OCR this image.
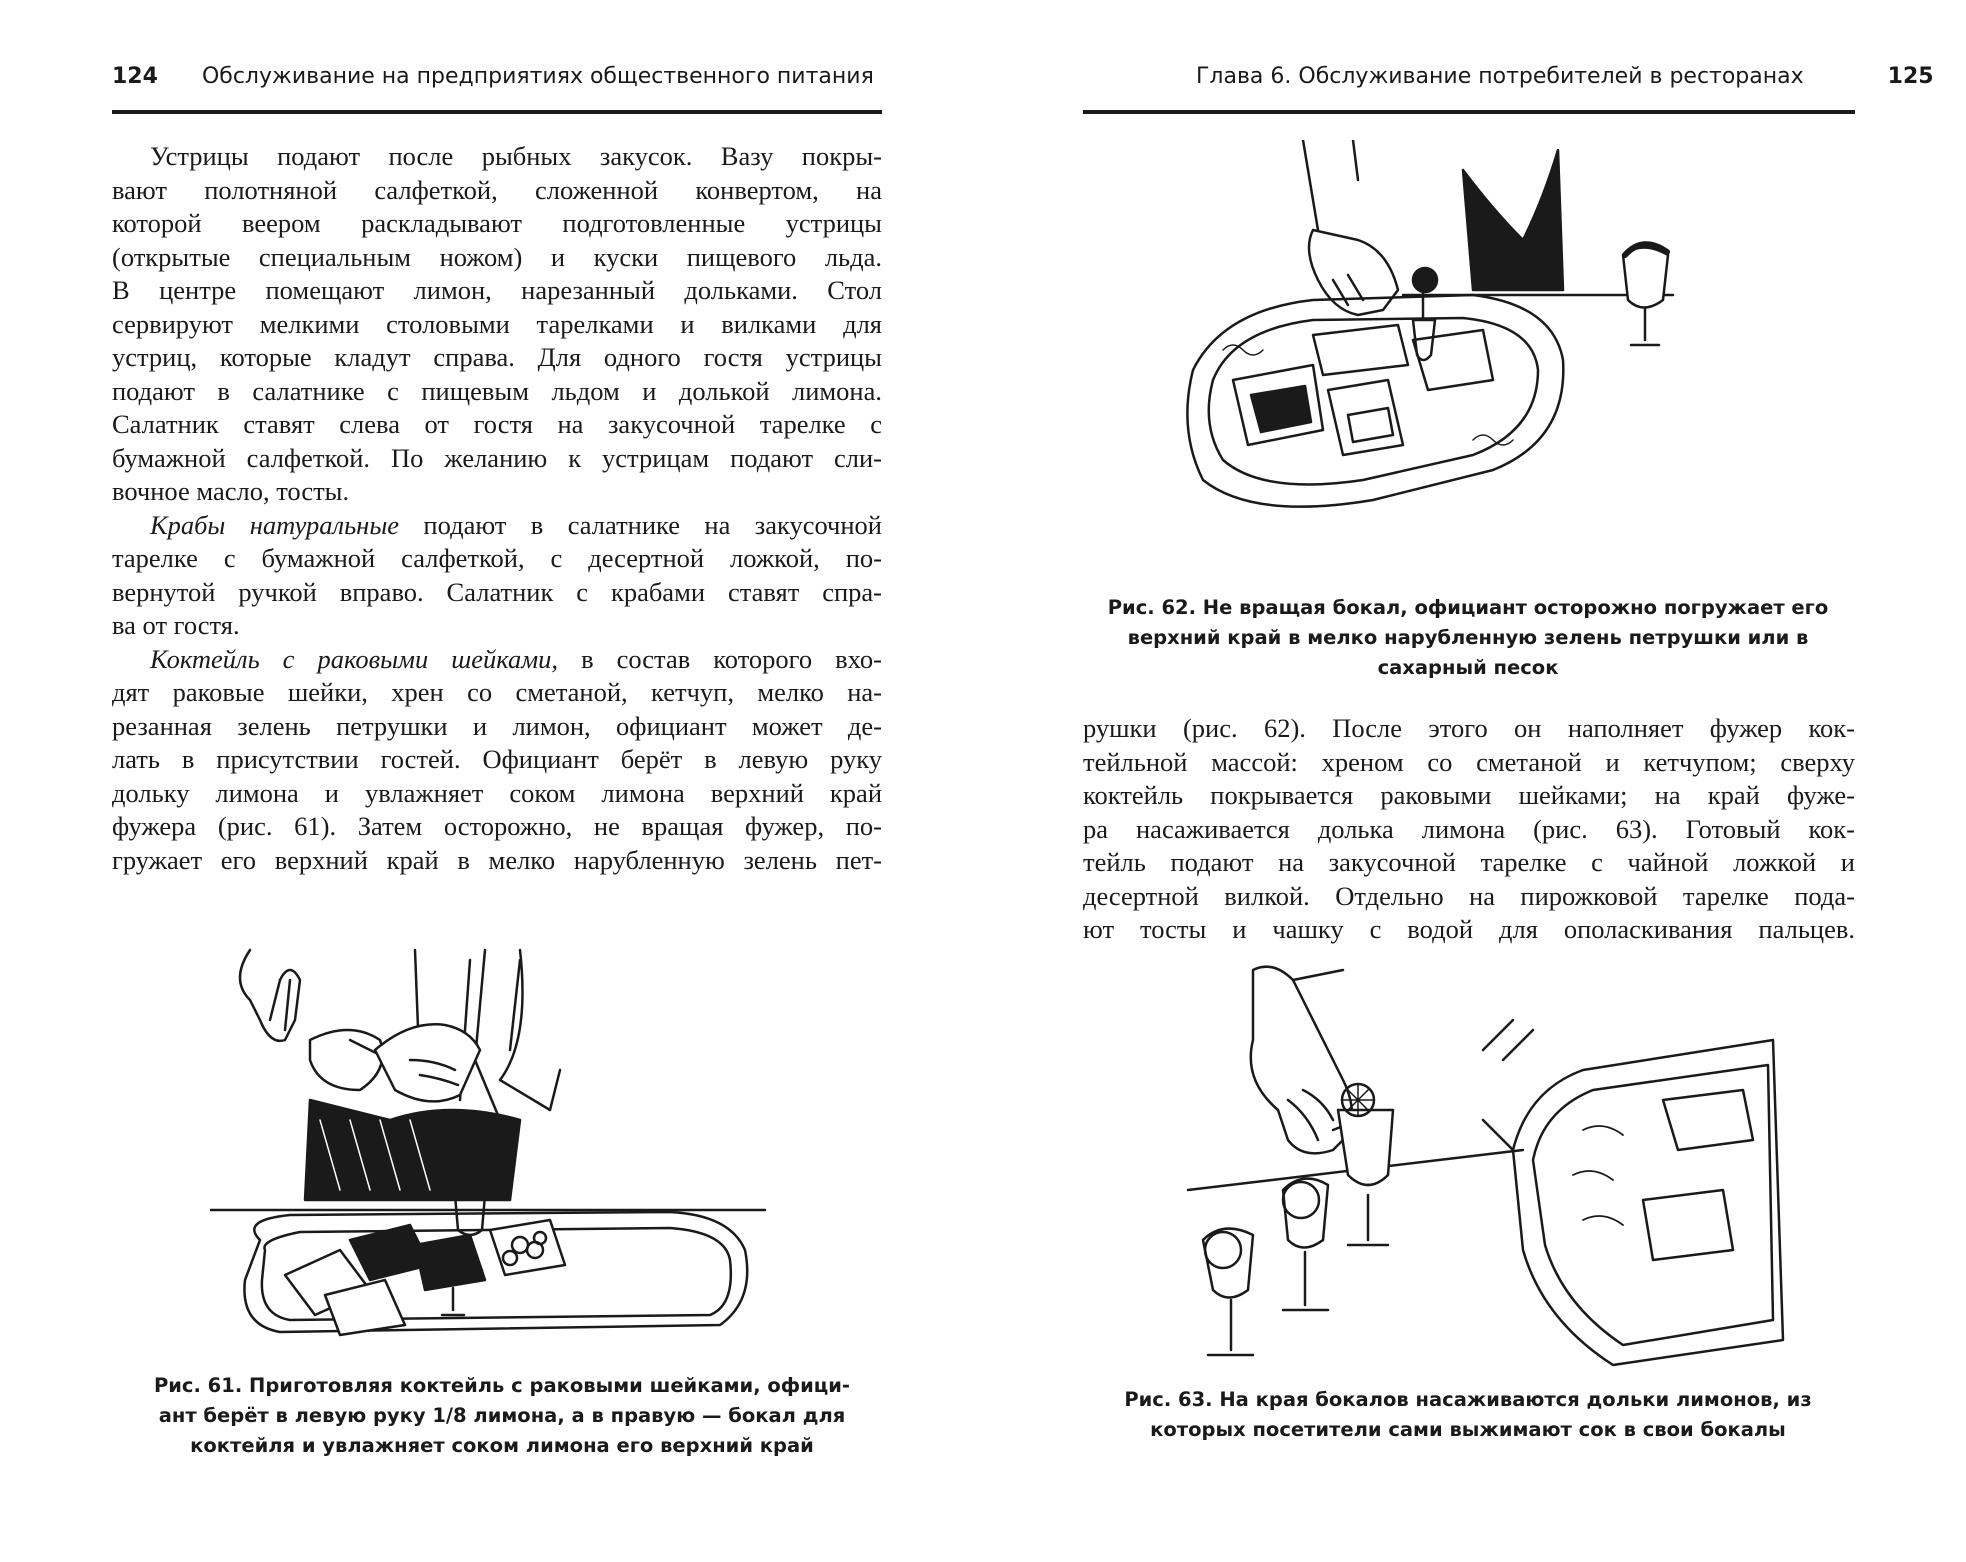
124 Обслуживание на предприятиях общественного питания
Устрицы подают после рыбных закусок. Вазу покры-
вают полотняной салфеткой, сложенной конвертом, на
которой веером раскладывают подготовленные устрицы
(открытые специальным ножом) и куски пищевого льда.
В центре помещают лимон, нарезанный дольками. Стол
сервируют мелкими столовыми тарелками и вилками для
устриц, которые кладут справа. Для одного гостя устрицы
подают в салатнике с пищевым льдом и долькой лимона.
Салатник ставят слева от гостя на закусочной тарелке с
бумажной салфеткой. По желанию к устрицам подают сли-
вочное масло, тосты.
Крабы натуральные подают в салатнике на закусочной
тарелке с бумажной салфеткой, с десертной ложкой, по-
вернутой ручкой вправо. Салатник с крабами ставят спра-
ва от гостя.
Коктейль с раковыми шейками, в состав которого вхо-
дят раковые шейки, хрен со сметаной, кетчуп, мелко на-
резанная зелень петрушки и лимон, официант может де-
лать в присутствии гостей. Официант берёт в левую руку
дольку лимона и увлажняет соком лимона верхний край
фужера (рис. 61). Затем осторожно, не вращая фужер, по-
гружает его верхний край в мелко нарубленную зелень пет-
Рис. 61. Приготовляя коктейль с раковыми шейками, офици-
ант берёт в левую руку 1/8 лимона, а в правую — бокал для
коктейля и увлажняет соком лимона его верхний край
Глава 6. Обслуживание потребителей в ресторанах	125
Рис. 62. Не вращая бокал, официант осторожно погружает его
верхний край в мелко нарубленную зелень петрушки или в
сахарный песок
рушки (рис. 62). После этого он наполняет фужер кок-
тейльной массой: хреном со сметаной и кетчупом; сверху
коктейль покрывается раковыми шейками; на край фуже-
ра насаживается долька лимона (рис. 63). Готовый кок-
тейль подают на закусочной тарелке с чайной ложкой и
десертной вилкой. Отдельно на пирожковой тарелке пода-
ют тосты и чашку с водой для ополаскивания пальцев.
Рис. 63. На края бокалов насаживаются дольки лимонов, из
которых посетители сами выжимают сок в свои бокалы
